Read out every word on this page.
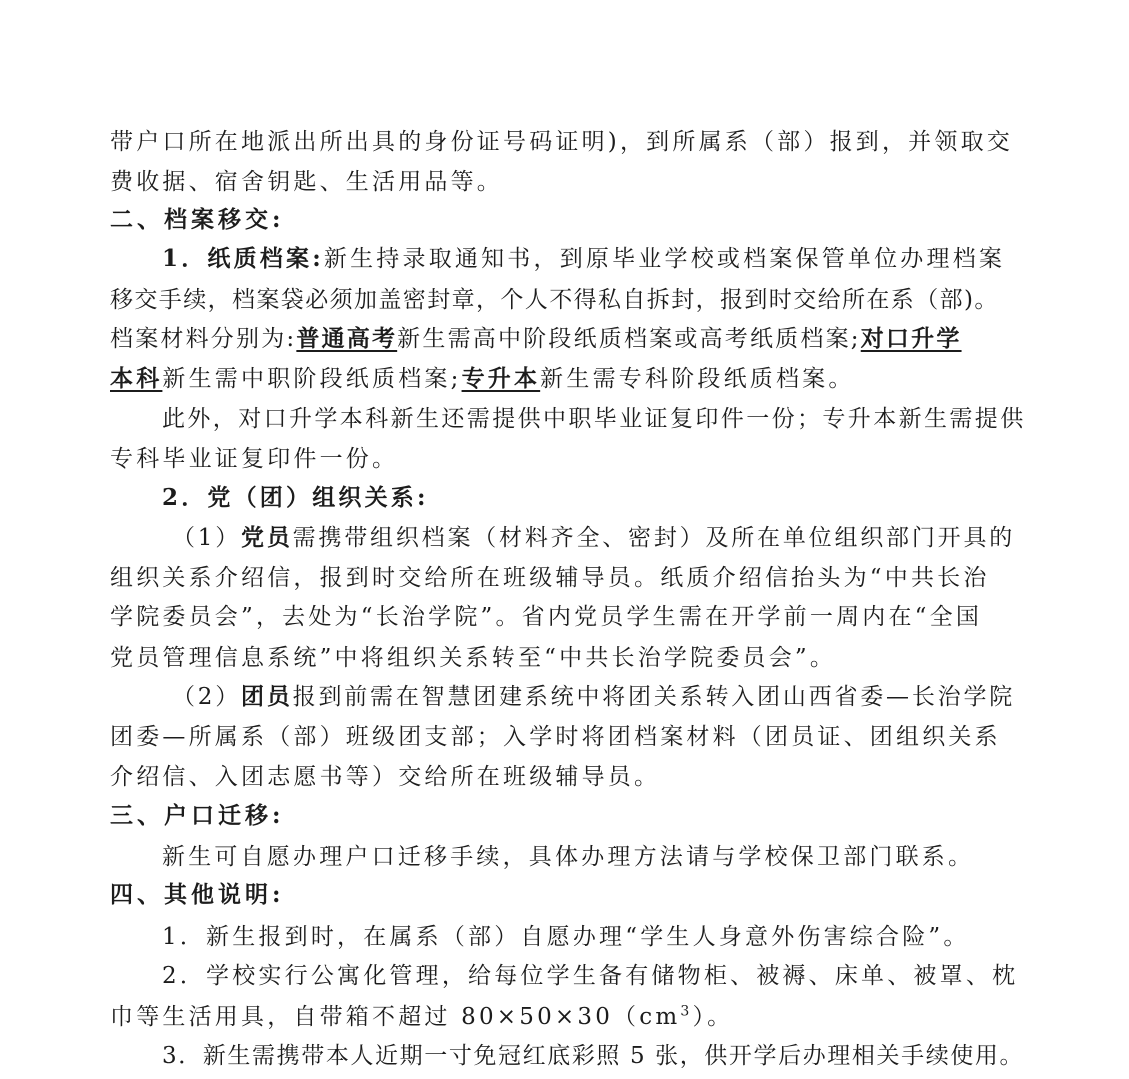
带户口所在地派出所出具的身份证号码证明)，到所属系（部）报到，并领取交
费收据、宿舍钥匙、生活用品等。
二、档案移交:
1．纸质档案:新生持录取通知书，到原毕业学校或档案保管单位办理档案
移交手续，档案袋必须加盖密封章，个人不得私自拆封，报到时交给所在系（部)。
档案材料分别为:普通高考新生需高中阶段纸质档案或高考纸质档案;对口升学
本科新生需中职阶段纸质档案;专升本新生需专科阶段纸质档案。
此外，对口升学本科新生还需提供中职毕业证复印件一份；专升本新生需提供
专科毕业证复印件一份。
2．党（团）组织关系:
（1）党员需携带组织档案（材料齐全、密封）及所在单位组织部门开具的
组织关系介绍信，报到时交给所在班级辅导员。纸质介绍信抬头为“中共长治
学院委员会”，去处为“长治学院”。省内党员学生需在开学前一周内在“全国
党员管理信息系统”中将组织关系转至“中共长治学院委员会”。
（2）团员报到前需在智慧团建系统中将团关系转入团山西省委—长治学院
团委—所属系（部）班级团支部；入学时将团档案材料（团员证、团组织关系
介绍信、入团志愿书等）交给所在班级辅导员。
三、户口迁移:
新生可自愿办理户口迁移手续，具体办理方法请与学校保卫部门联系。
四、其他说明:
1．新生报到时，在属系（部）自愿办理“学生人身意外伤害综合险”。
2．学校实行公寓化管理，给每位学生备有储物柜、被褥、床单、被罩、枕
巾等生活用具，自带箱不超过 $80\times 50\times 30(cm^3)$。
3．新生需携带本人近期一寸免冠红底彩照 5 张，供开学后办理相关手续使用。
